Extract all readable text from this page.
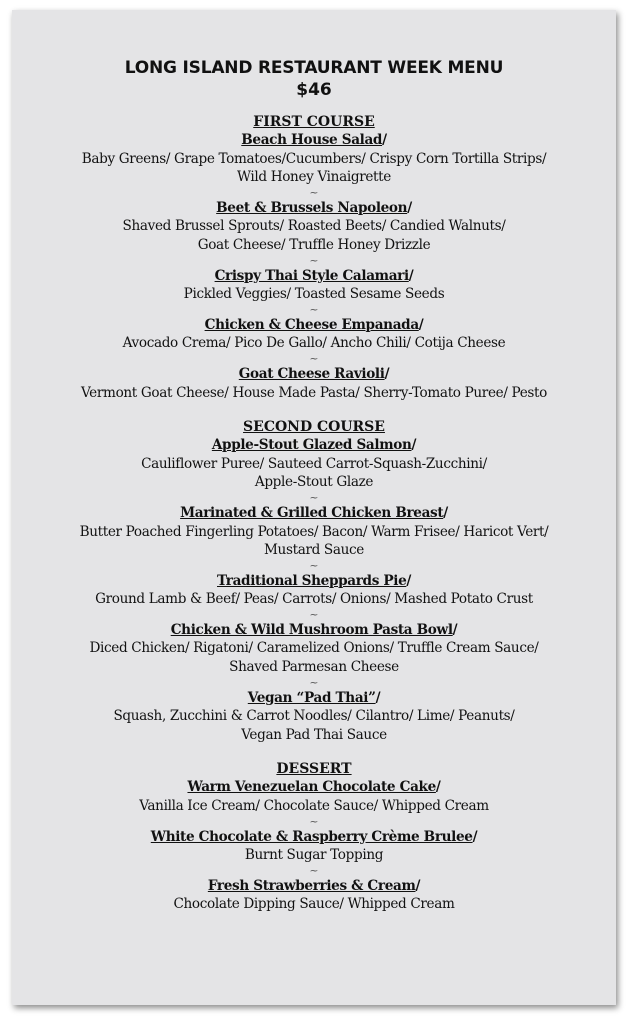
LONG ISLAND RESTAURANT WEEK MENU
$46
FIRST COURSE
Beach House Salad/
Baby Greens/ Grape Tomatoes/Cucumbers/ Crispy Corn Tortilla Strips/
Wild Honey Vinaigrette
~
Beet & Brussels Napoleon/
Shaved Brussel Sprouts/ Roasted Beets/ Candied Walnuts/
Goat Cheese/ Truffle Honey Drizzle
~
Crispy Thai Style Calamari/
Pickled Veggies/ Toasted Sesame Seeds
~
Chicken & Cheese Empanada/
Avocado Crema/ Pico De Gallo/ Ancho Chili/ Cotija Cheese
~
Goat Cheese Ravioli/
Vermont Goat Cheese/ House Made Pasta/ Sherry-Tomato Puree/ Pesto
SECOND COURSE
Apple-Stout Glazed Salmon/
Cauliflower Puree/ Sauteed Carrot-Squash-Zucchini/
Apple-Stout Glaze
~
Marinated & Grilled Chicken Breast/
Butter Poached Fingerling Potatoes/ Bacon/ Warm Frisee/ Haricot Vert/
Mustard Sauce
~
Traditional Sheppards Pie/
Ground Lamb & Beef/ Peas/ Carrots/ Onions/ Mashed Potato Crust
~
Chicken & Wild Mushroom Pasta Bowl/
Diced Chicken/ Rigatoni/ Caramelized Onions/ Truffle Cream Sauce/
Shaved Parmesan Cheese
~
Vegan “Pad Thai”/
Squash, Zucchini & Carrot Noodles/ Cilantro/ Lime/ Peanuts/
Vegan Pad Thai Sauce
DESSERT
Warm Venezuelan Chocolate Cake/
Vanilla Ice Cream/ Chocolate Sauce/ Whipped Cream
~
White Chocolate & Raspberry Crème Brulee/
Burnt Sugar Topping
~
Fresh Strawberries & Cream/
Chocolate Dipping Sauce/ Whipped Cream
